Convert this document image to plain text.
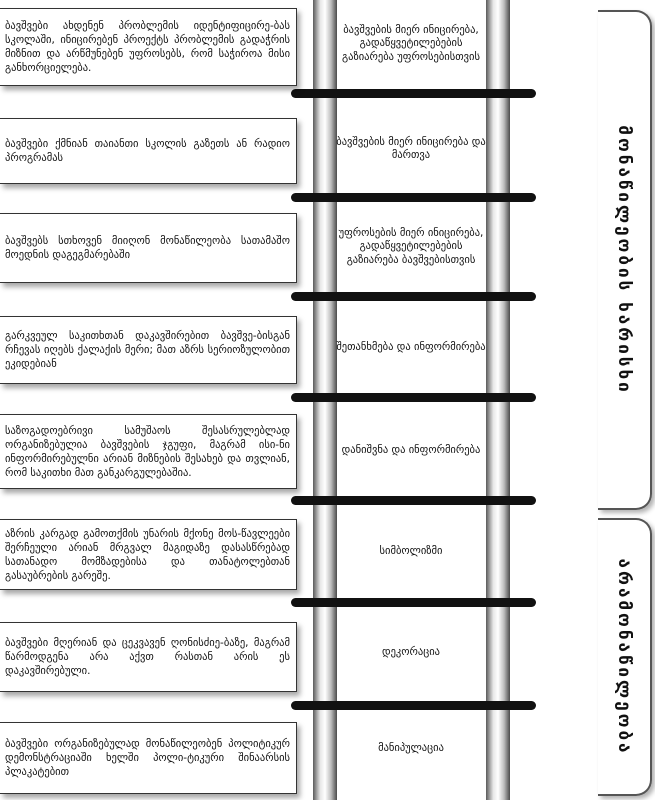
ბავშვები ახდენენ პრობლემის იდენტიფიცირე-ბას სკოლაში, ინიცირებენ პროექტს პრობლემის გადაჭრის მიზნით და არწმუნებენ უფროსებს, რომ საჭიროა მისი განხორციელება.
ბავშვები ქმნიან თაიანთი სკოლის გაზეთს ან რადიო პროგრამას
ბავშვებს სთხოვენ მიიღონ მონაწილეობა სათამაშო მოედნის დაგეგმარებაში
გარკვეულ საკითხთან დაკავშირებით ბავშვე-ბისგან რჩევას იღებს ქალაქის მერი; მათ აზრს სერიოზულობით ეკიდებიან
საზოგადოებრივი სამუშაოს შესასრულებლად ორგანიზებულია ბავშვების ჯგუფი, მაგრამ ისი-ნი ინფორმირებულნი არიან მიზნების შესახებ და თვლიან, რომ საკითხი მათ განკარგულებაშია.
აზრის კარგად გამოთქმის უნარის მქონე მოს-წავლეები შერჩეული არიან მრგვალ მაგიდაზე დასასწრებად სათანადო მომზადებისა და თანატოლებთან გასაუბრების გარეშე.
ბავშვები მღერიან და ცეკვავენ ღონისძიე-ბაზე, მაგრამ წარმოდგენა არა აქვთ რასთან არის ეს დაკავშირებული.
ბავშვები ორგანიზებულად მონაწილეობენ პოლიტიკურ დემონსტრაციაში ხელში პოლი-ტიკური შინაარსის პლაკატებით
ბავშვების მიერ ინიცირება, გადაწყვეტილებების გაზიარება უფროსებისთვის
ბავშვების მიერ ინიცირება და მართვა
უფროსების მიერ ინიცირება, გადაწყვეტილებების გაზიარება ბავშვებისთვის
შეთანხმება და ინფორმირება
დანიშვნა და ინფორმირება
სიმბოლიზმი
დეკორაცია
მანიპულაცია
მონაწილეობის ხარისხი
არამონაწილეობა
